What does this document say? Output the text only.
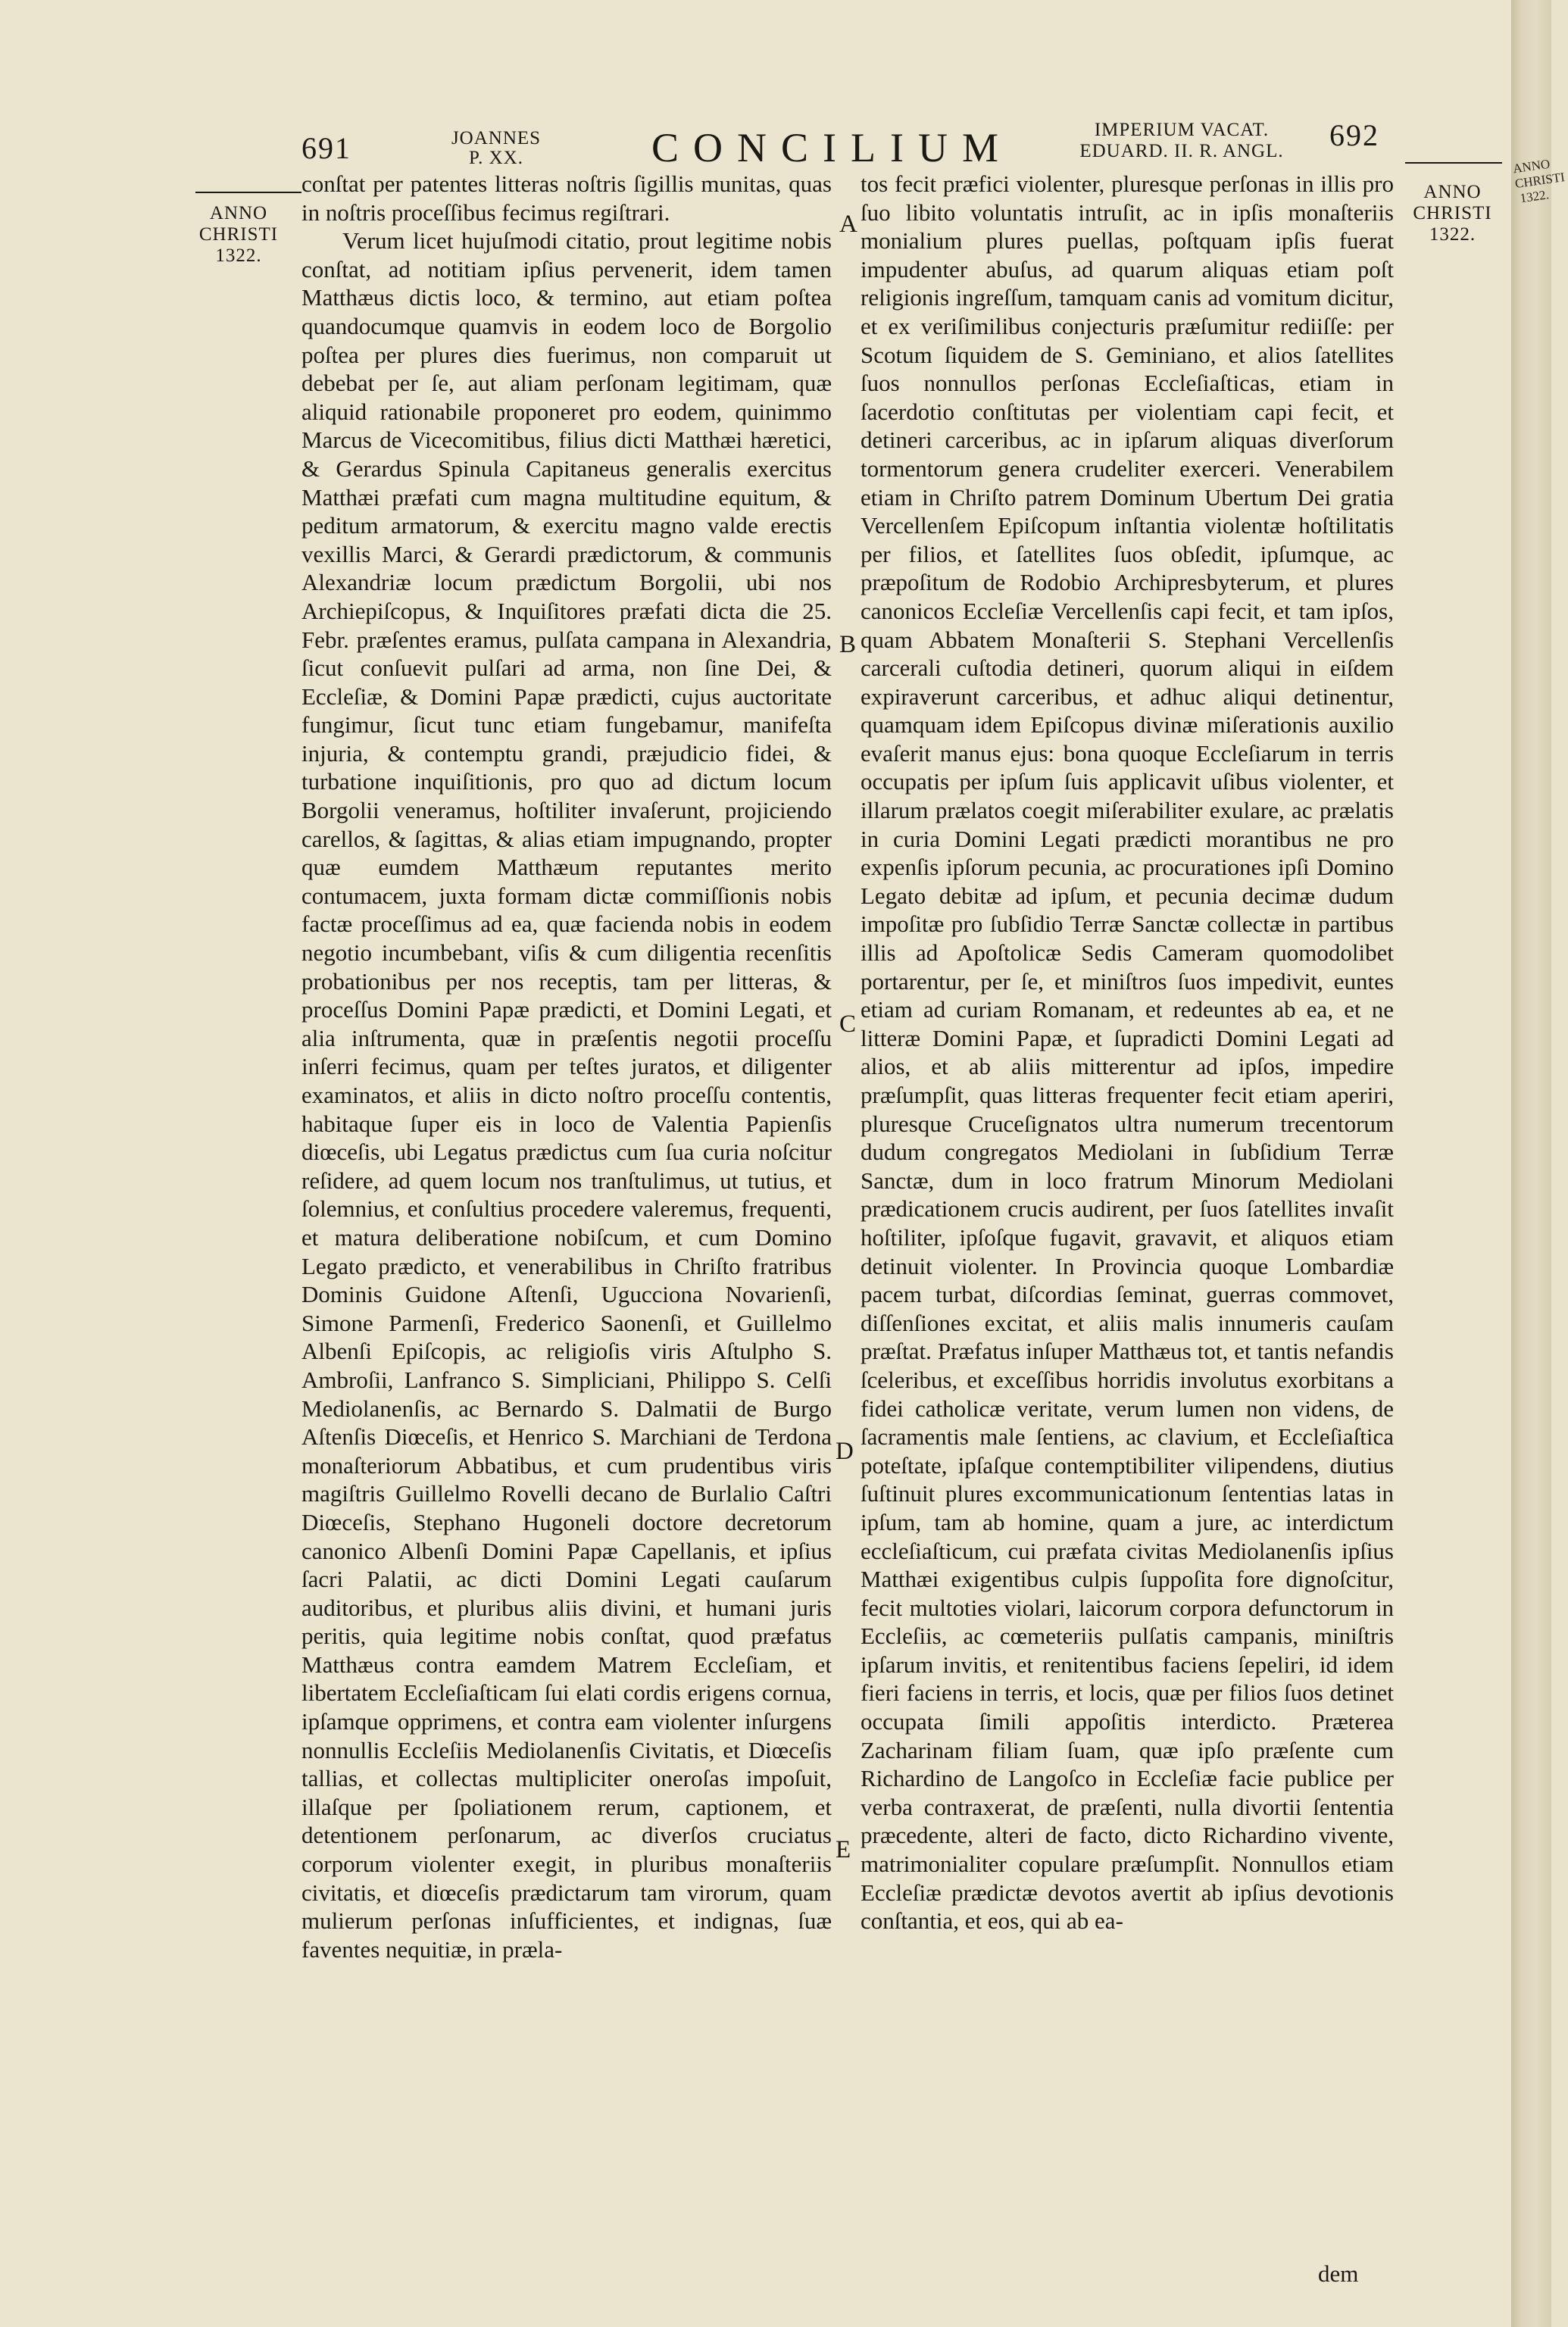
691	JOANNES
P. XX.	CONCILIUM	IMPERIUM VACAT.
EDUARD. II. R. ANGL.	692
ANNO
CHRISTI
1322.
ANNO
CHRISTI
1322.

conſtat per patentes litteras noſtris ſigillis munitas, quas in noſtris proceſſibus fecimus regiſtrari.

Verum licet hujuſmodi citatio, prout legitime nobis conſtat, ad notitiam ipſius pervenerit, idem tamen Matthæus dictis loco, & termino, aut etiam poſtea quandocumque quamvis in eodem loco de Borgolio poſtea per plures dies fuerimus, non comparuit ut debebat per ſe, aut aliam perſonam legitimam, quæ aliquid rationabile proponeret pro eodem, quinimmo Marcus de Vicecomitibus, filius dicti Matthæi hæretici, & Gerardus Spinula Capitaneus generalis exercitus Matthæi præfati cum magna multitudine equitum, & peditum armatorum, & exercitu magno valde erectis vexillis Marci, & Gerardi prædictorum, & communis Alexandriæ locum prædictum Borgolii, ubi nos Archiepiſcopus, & Inquiſitores præfati dicta die 25. Febr. præſentes eramus, pulſata campana in Alexandria, ſicut conſuevit pulſari ad arma, non ſine Dei, & Eccleſiæ, & Domini Papæ prædicti, cujus auctoritate fungimur, ſicut tunc etiam fungebamur, manifeſta injuria, & contemptu grandi, præjudicio fidei, & turbatione inquiſitionis, pro quo ad dictum locum Borgolii veneramus, hoſtiliter invaſerunt, projiciendo carellos, & ſagittas, & alias etiam impugnando, propter quæ eumdem Matthæum reputantes merito contumacem, juxta formam dictæ commiſſionis nobis factæ proceſſimus ad ea, quæ facienda nobis in eodem negotio incumbebant, viſis & cum diligentia recenſitis probationibus per nos receptis, tam per litteras, & proceſſus Domini Papæ prædicti, et Domini Legati, et alia inſtrumenta, quæ in præſentis negotii proceſſu inſerri fecimus, quam per teſtes juratos, et diligenter examinatos, et aliis in dicto noſtro proceſſu contentis, habitaque ſuper eis in loco de Valentia Papienſis diœceſis, ubi Legatus prædictus cum ſua curia noſcitur reſidere, ad quem locum nos tranſtulimus, ut tutius, et ſolemnius, et conſultius procedere valeremus, frequenti, et matura deliberatione nobiſcum, et cum Domino Legato prædicto, et venerabilibus in Chriſto fratribus Dominis Guidone Aſtenſi, Ugucciona Novarienſi, Simone Parmenſi, Frederico Saonenſi, et Guillelmo Albenſi Epiſcopis, ac religioſis viris Aſtulpho S. Ambroſii, Lanfranco S. Simpliciani, Philippo S. Celſi Mediolanenſis, ac Bernardo S. Dalmatii de Burgo Aſtenſis Diœceſis, et Henrico S. Marchiani de Terdona monaſteriorum Abbatibus, et cum prudentibus viris magiſtris Guillelmo Rovelli decano de Burlalio Caſtri Diœceſis, Stephano Hugoneli doctore decretorum canonico Albenſi Domini Papæ Capellanis, et ipſius ſacri Palatii, ac dicti Domini Legati cauſarum auditoribus, et pluribus aliis divini, et humani juris peritis, quia legitime nobis conſtat, quod præfatus Matthæus contra eamdem Matrem Eccleſiam, et libertatem Eccleſiaſticam ſui elati cordis erigens cornua, ipſamque opprimens, et contra eam violenter inſurgens nonnullis Eccleſiis Mediolanenſis Civitatis, et Diœceſis tallias, et collectas multipliciter oneroſas impoſuit, illaſque per ſpoliationem rerum, captionem, et detentionem perſonarum, ac diverſos cruciatus corporum violenter exegit, in pluribus monaſteriis civitatis, et diœceſis prædictarum tam virorum, quam mulierum perſonas inſufficientes, et indignas, ſuæ faventes nequitiæ, in præla-

A
B
C
D
E

tos fecit præfici violenter, pluresque perſonas in illis pro ſuo libito voluntatis intruſit, ac in ipſis monaſteriis monialium plures puellas, poſtquam ipſis fuerat impudenter abuſus, ad quarum aliquas etiam poſt religionis ingreſſum, tamquam canis ad vomitum dicitur, et ex veriſimilibus conjecturis præſumitur rediiſſe: per Scotum ſiquidem de S. Geminiano, et alios ſatellites ſuos nonnullos perſonas Eccleſiaſticas, etiam in ſacerdotio conſtitutas per violentiam capi fecit, et detineri carceribus, ac in ipſarum aliquas diverſorum tormentorum genera crudeliter exerceri. Venerabilem etiam in Chriſto patrem Dominum Ubertum Dei gratia Vercellenſem Epiſcopum inſtantia violentæ hoſtilitatis per filios, et ſatellites ſuos obſedit, ipſumque, ac præpoſitum de Rodobio Archipresbyterum, et plures canonicos Eccleſiæ Vercellenſis capi fecit, et tam ipſos, quam Abbatem Monaſterii S. Stephani Vercellenſis carcerali cuſtodia detineri, quorum aliqui in eiſdem expiraverunt carceribus, et adhuc aliqui detinentur, quamquam idem Epiſcopus divinæ miſerationis auxilio evaſerit manus ejus: bona quoque Eccleſiarum in terris occupatis per ipſum ſuis applicavit uſibus violenter, et illarum prælatos coegit miſerabiliter exulare, ac prælatis in curia Domini Legati prædicti morantibus ne pro expenſis ipſorum pecunia, ac procurationes ipſi Domino Legato debitæ ad ipſum, et pecunia decimæ dudum impoſitæ pro ſubſidio Terræ Sanctæ collectæ in partibus illis ad Apoſtolicæ Sedis Cameram quomodolibet portarentur, per ſe, et miniſtros ſuos impedivit, euntes etiam ad curiam Romanam, et redeuntes ab ea, et ne litteræ Domini Papæ, et ſupradicti Domini Legati ad alios, et ab aliis mitterentur ad ipſos, impedire præſumpſit, quas litteras frequenter fecit etiam aperiri, pluresque Cruceſignatos ultra numerum trecentorum dudum congregatos Mediolani in ſubſidium Terræ Sanctæ, dum in loco fratrum Minorum Mediolani prædicationem crucis audirent, per ſuos ſatellites invaſit hoſtiliter, ipſoſque fugavit, gravavit, et aliquos etiam detinuit violenter. In Provincia quoque Lombardiæ pacem turbat, diſcordias ſeminat, guerras commovet, diſſenſiones excitat, et aliis malis innumeris cauſam præſtat. Præfatus inſuper Matthæus tot, et tantis nefandis ſceleribus, et exceſſibus horridis involutus exorbitans a fidei catholicæ veritate, verum lumen non videns, de ſacramentis male ſentiens, ac clavium, et Eccleſiaſtica poteſtate, ipſaſque contemptibiliter vilipendens, diutius ſuſtinuit plures excommunicationum ſententias latas in ipſum, tam ab homine, quam a jure, ac interdictum eccleſiaſticum, cui præfata civitas Mediolanenſis ipſius Matthæi exigentibus culpis ſuppoſita fore dignoſcitur, fecit multoties violari, laicorum corpora defunctorum in Eccleſiis, ac cœmeteriis pulſatis campanis, miniſtris ipſarum invitis, et renitentibus faciens ſepeliri, id idem fieri faciens in terris, et locis, quæ per filios ſuos detinet occupata ſimili appoſitis interdicto. Præterea Zacharinam filiam ſuam, quæ ipſo præſente cum Richardino de Langoſco in Eccleſiæ facie publice per verba contraxerat, de præſenti, nulla divortii ſententia præcedente, alteri de facto, dicto Richardino vivente, matrimonialiter copulare præſumpſit. Nonnullos etiam Eccleſiæ prædictæ devotos avertit ab ipſius devotionis conſtantia, et eos, qui ab ea-

dem
ANNO CHRISTI 1322.
